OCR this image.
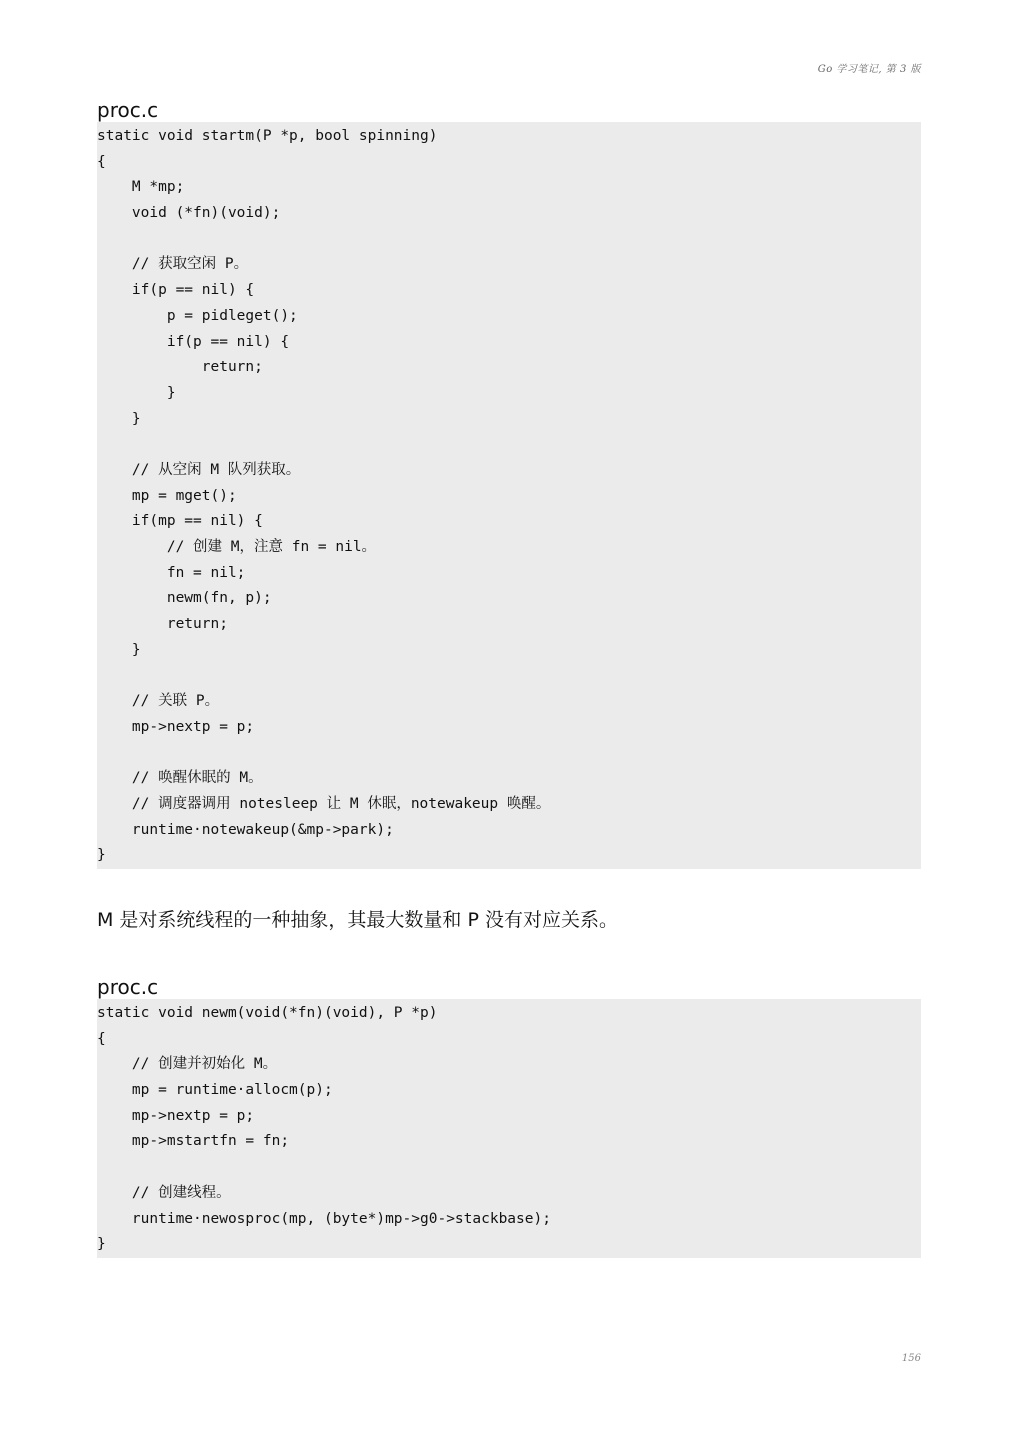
Go 学习笔记, 第 3 版
proc.c
static void startm(P *p, bool spinning)
{
M *mp;
void (*fn)(void);
// 获取空闲 P。
if(p == nil) {
p = pidleget();
if(p == nil) {
return;
}
}
// 从空闲 M 队列获取。
mp = mget();
if(mp == nil) {
// 创建 M，注意 fn = nil。
fn = nil;
newm(fn, p);
return;
}
// 关联 P。
mp->nextp = p;
// 唤醒休眠的 M。
// 调度器调用 notesleep 让 M 休眠，notewakeup 唤醒。
runtime·notewakeup(&mp->park);
}
M 是对系统线程的一种抽象，其最大数量和 P 没有对应关系。
proc.c
static void newm(void(*fn)(void), P *p)
{
// 创建并初始化 M。
mp = runtime·allocm(p);
mp->nextp = p;
mp->mstartfn = fn;
// 创建线程。
runtime·newosproc(mp, (byte*)mp->g0->stackbase);
}
156
